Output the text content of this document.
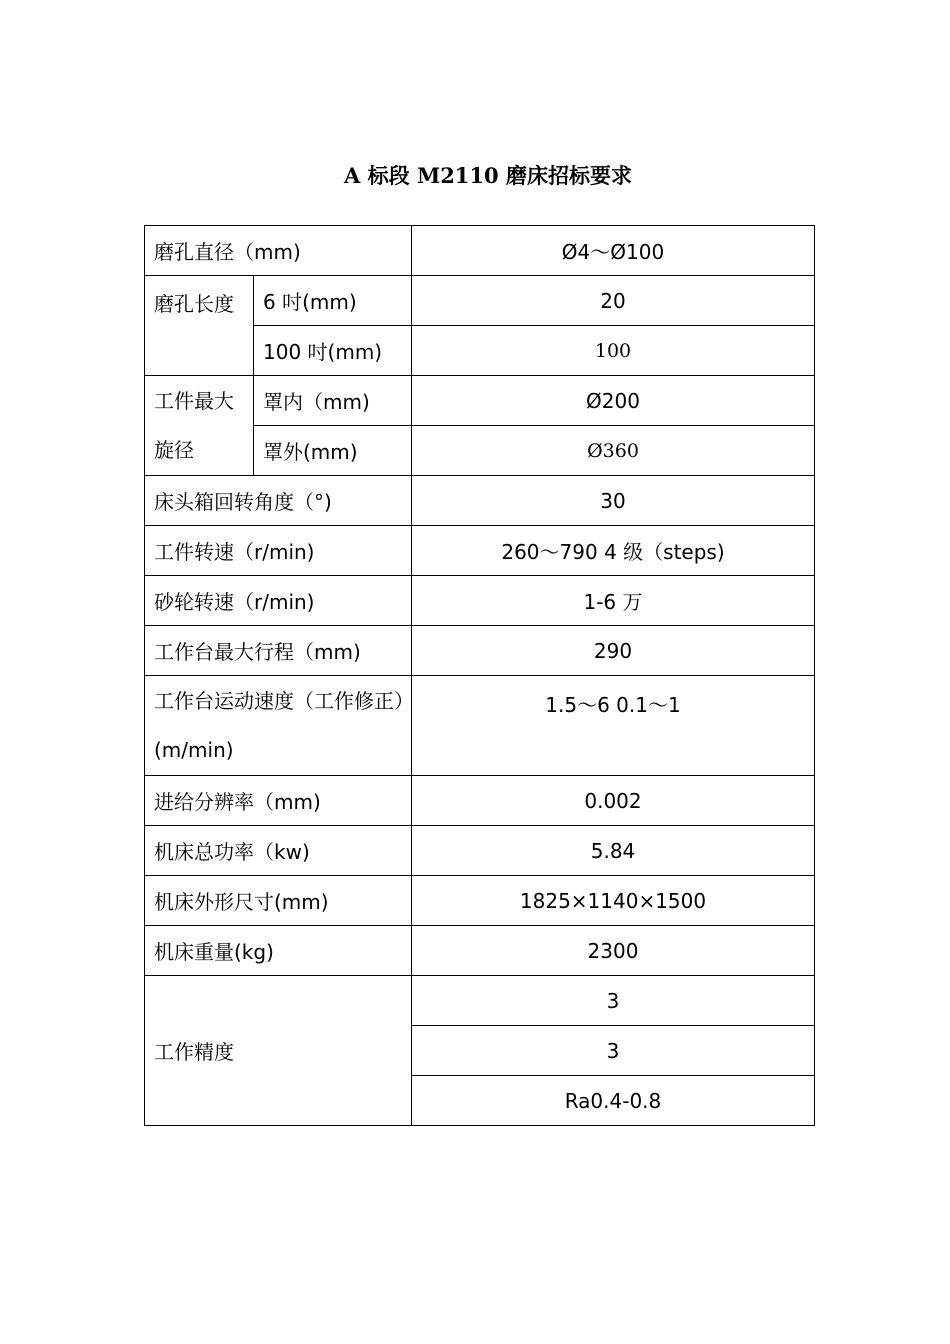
A 标段 M2110 磨床招标要求
磨孔直径（mm)		Ø4～Ø100
磨孔长度	6 吋(mm)	20
	100 吋(mm)	100
工件最大旋径	罩内（mm)	Ø200
	罩外(mm)	Ø360
床头箱回转角度（°)		30
工件转速（r/min)		260～790 4 级（steps)
砂轮转速（r/min)		1-6 万
工作台最大行程（mm)		290
工作台运动速度（工作修正）(m/min)		1.5～6 0.1～1
进给分辨率（mm)		0.002
机床总功率（kw)		5.84
机床外形尺寸(mm)		1825×1140×1500
机床重量(kg)		2300
工作精度		3
		3
		Ra0.4-0.8
